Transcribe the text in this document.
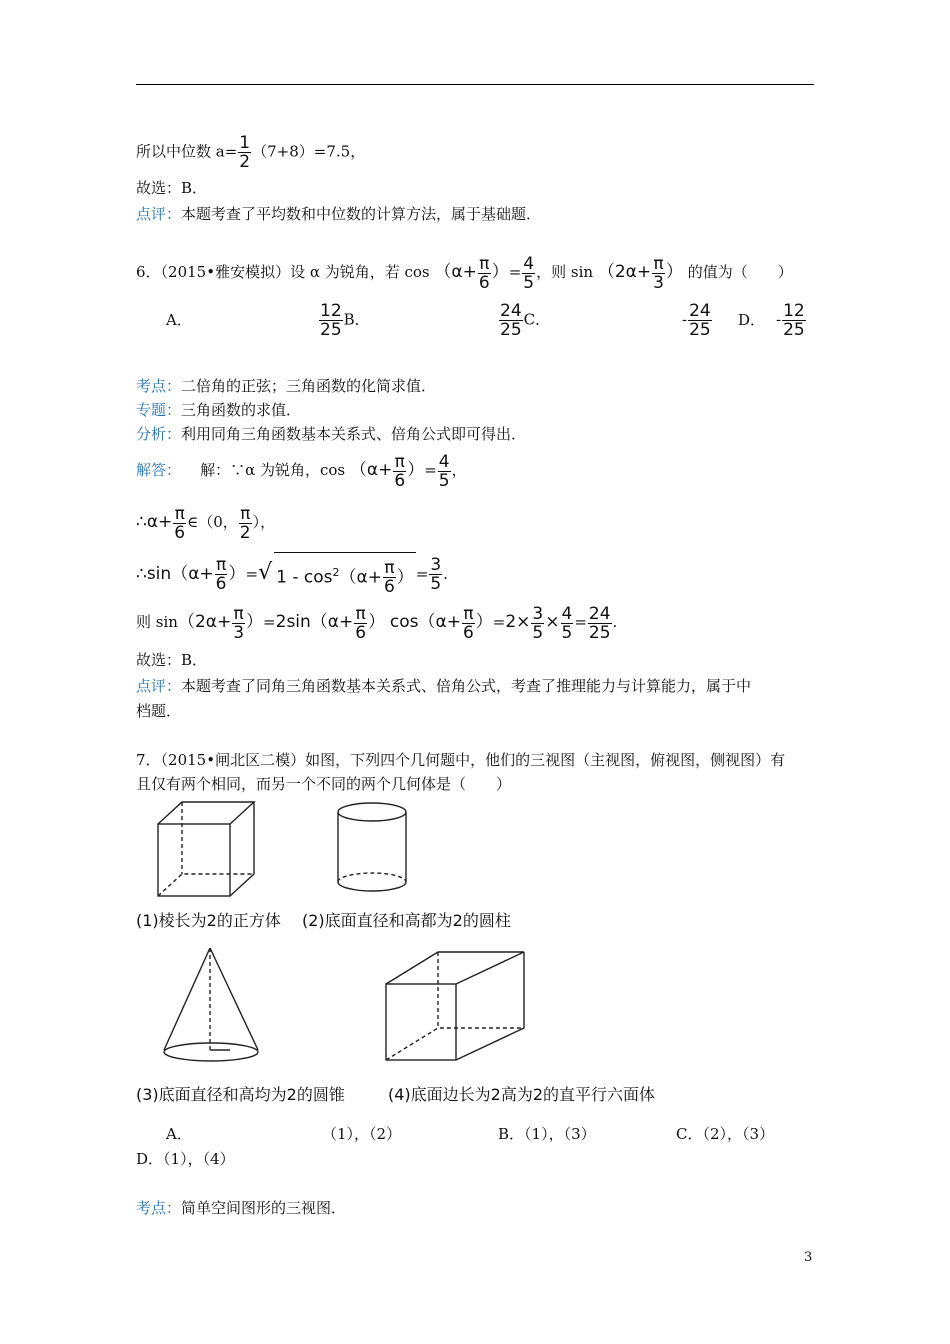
所以中位数 $a= \frac{1}{2} (7+8)=7.5$，
故选：B．
点评：本题考查了平均数和中位数的计算方法，属于基础题．
6．（2015•雅安模拟）设 α 为锐角，若 $\cos (\alpha+ \frac{\pi}{6}$ ）= $\frac{4}{5}$ ，则 $\sin (2\alpha+ \frac{\pi}{3}$ ） 的值为（　　）
A．	$\frac{12}{25}$ B．	$\frac{24}{25}$ C．	- $\frac{24}{25}$ D． - $\frac{12}{25}$
考点：二倍角的正弦；三角函数的化简求值．
专题：三角函数的求值．
分析：利用同角三角函数基本关系式、倍角公式即可得出．
解答： 解：∵α 为锐角，$\cos (\alpha+ \frac{\pi}{6}$ ）= $\frac{4}{5}$ ，
∴α+ $\frac{\pi}{6}$ ∈（0， $\frac{\pi}{2}$ ），
∴sin（α+ $\frac{\pi}{6}$ ）=√ $1 - \cos^2(\alpha+ \frac{\pi}{6}$ ） = $\frac{3}{5}$ .
则 $\sin(2\alpha+ \frac{\pi}{3} )=2\sin(\alpha+ \frac{\pi}{6}$ ） $\cos(\alpha+ \frac{\pi}{6} )=2\times \frac{3}{5} \times \frac{4}{5} = \frac{24}{25}$ .
故选：B．
点评：本题考查了同角三角函数基本关系式、倍角公式，考查了推理能力与计算能力，属于中
档题．
7．（2015•闸北区二模）如图，下列四个几何题中，他们的三视图（主视图，俯视图，侧视图）有
且仅有两个相同，而另一个不同的两个几何体是（　　）
(1)棱长为2的正方体 (2)底面直径和高都为2的圆柱
(3)底面直径和高均为2的圆锥	(4)底面边长为2高为2的直平行六面体
A．	（1），（2）	B．（1），（3）	C．（2），（3）
D．（1），（4）
考点：简单空间图形的三视图．
3
